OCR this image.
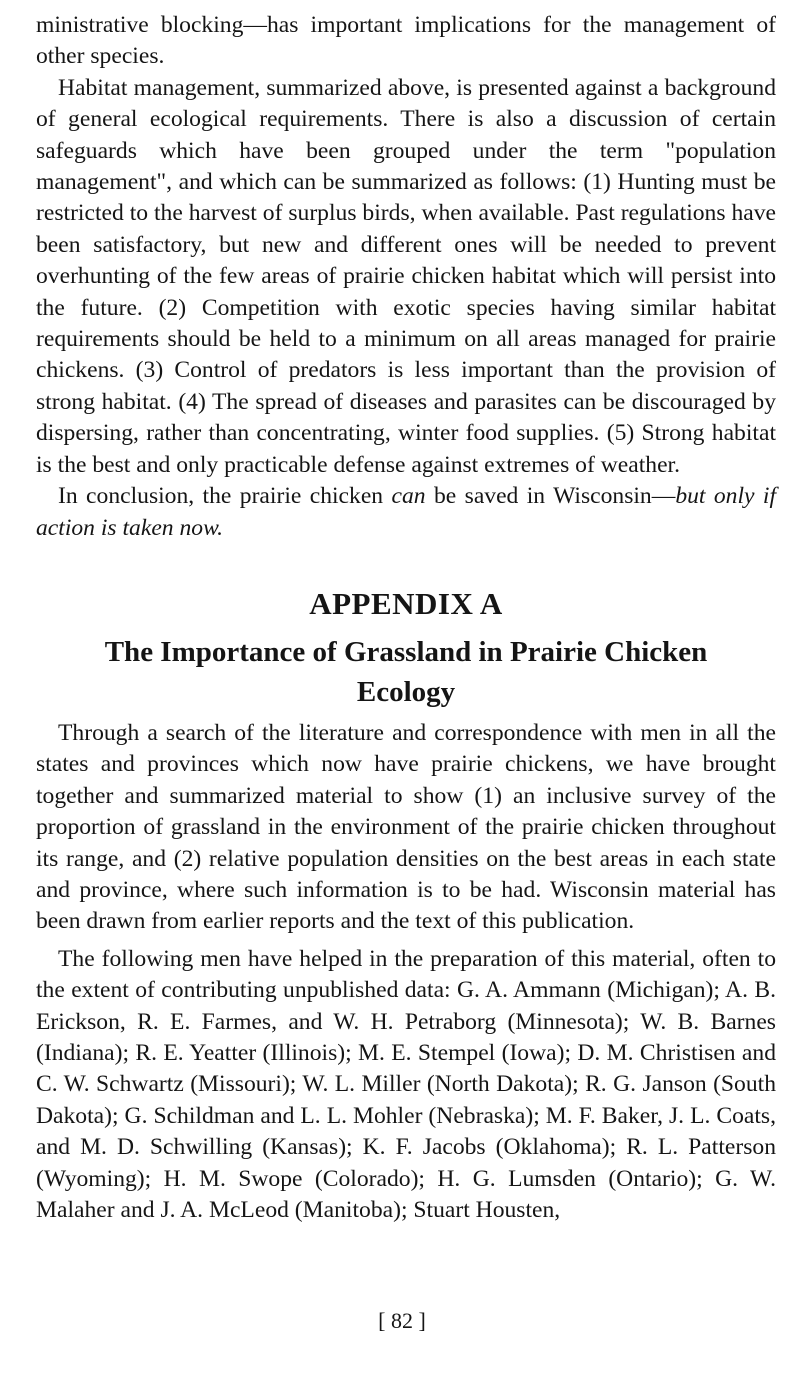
ministrative blocking—has important implications for the management of other species.

Habitat management, summarized above, is presented against a background of general ecological requirements. There is also a discussion of certain safeguards which have been grouped under the term "population management", and which can be summarized as follows: (1) Hunting must be restricted to the harvest of surplus birds, when available. Past regulations have been satisfactory, but new and different ones will be needed to prevent overhunting of the few areas of prairie chicken habitat which will persist into the future. (2) Competition with exotic species having similar habitat requirements should be held to a minimum on all areas managed for prairie chickens. (3) Control of predators is less important than the provision of strong habitat. (4) The spread of diseases and parasites can be discouraged by dispersing, rather than concentrating, winter food supplies. (5) Strong habitat is the best and only practicable defense against extremes of weather.

In conclusion, the prairie chicken can be saved in Wisconsin—but only if action is taken now.

APPENDIX A
The Importance of Grassland in Prairie Chicken Ecology

Through a search of the literature and correspondence with men in all the states and provinces which now have prairie chickens, we have brought together and summarized material to show (1) an inclusive survey of the proportion of grassland in the environment of the prairie chicken throughout its range, and (2) relative population densities on the best areas in each state and province, where such information is to be had. Wisconsin material has been drawn from earlier reports and the text of this publication.

The following men have helped in the preparation of this material, often to the extent of contributing unpublished data: G. A. Ammann (Michigan); A. B. Erickson, R. E. Farmes, and W. H. Petraborg (Minnesota); W. B. Barnes (Indiana); R. E. Yeatter (Illinois); M. E. Stempel (Iowa); D. M. Christisen and C. W. Schwartz (Missouri); W. L. Miller (North Dakota); R. G. Janson (South Dakota); G. Schildman and L. L. Mohler (Nebraska); M. F. Baker, J. L. Coats, and M. D. Schwilling (Kansas); K. F. Jacobs (Oklahoma); R. L. Patterson (Wyoming); H. M. Swope (Colorado); H. G. Lumsden (Ontario); G. W. Malaher and J. A. McLeod (Manitoba); Stuart Housten,

[ 82 ]
